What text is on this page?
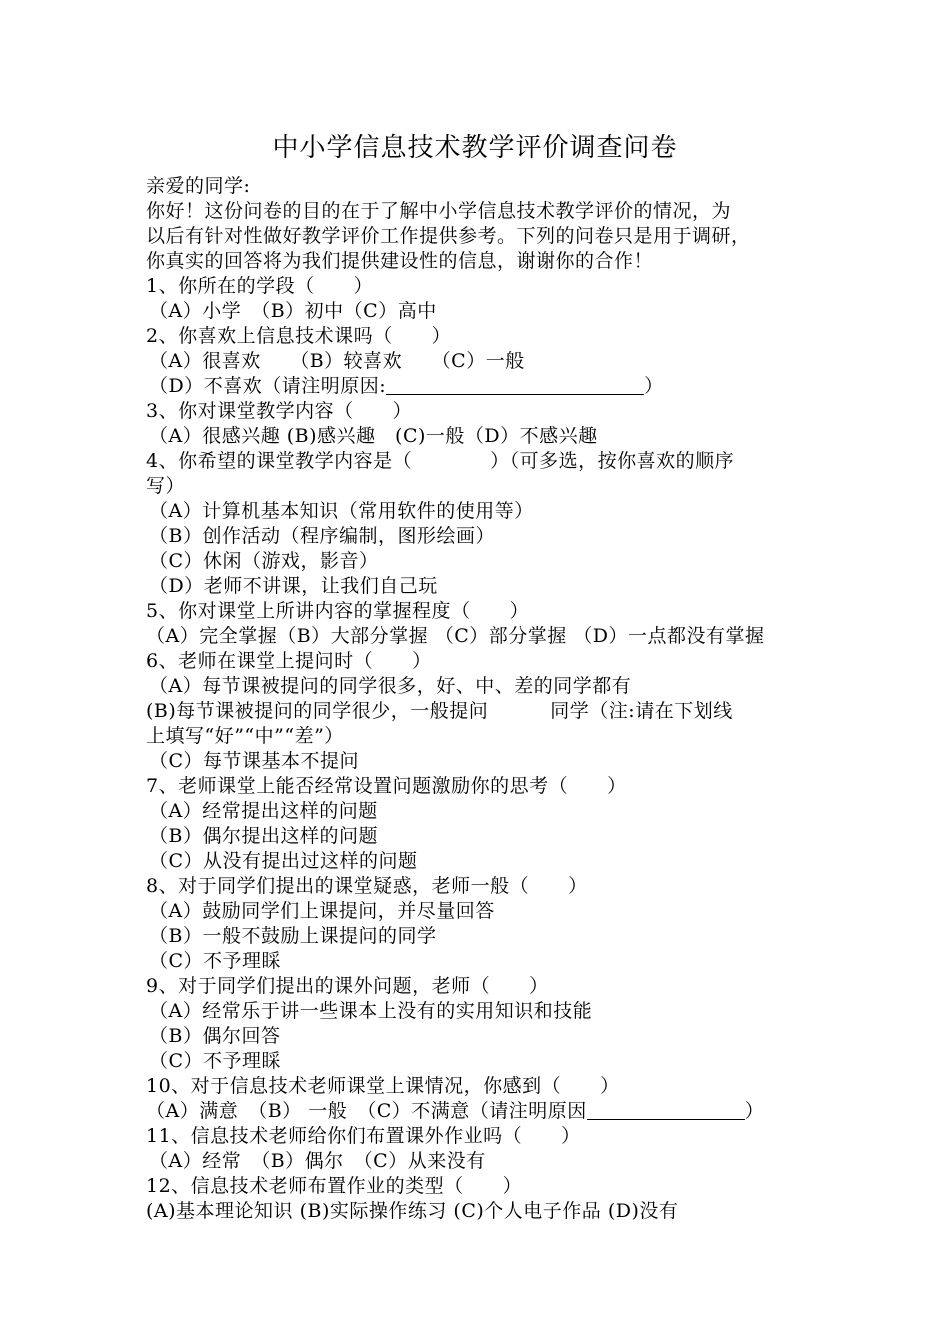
中小学信息技术教学评价调查问卷
亲爱的同学:
你好！这份问卷的目的在于了解中小学信息技术教学评价的情况，为
以后有针对性做好教学评价工作提供参考。下列的问卷只是用于调研，
你真实的回答将为我们提供建设性的信息，谢谢你的合作！
1、你所在的学段（　　）
（A）小学　（B）初中（C）高中
2、你喜欢上信息技术课吗（　　）
（A）很喜欢　　（B）较喜欢　　（C）一般
（D）不喜欢（请注明原因:	）
3、你对课堂教学内容（　　）
（A）很感兴趣 (B)感兴趣　(C)一般（D）不感兴趣
4、你希望的课堂教学内容是（　　　　）（可多选，按你喜欢的顺序
写）
（A）计算机基本知识（常用软件的使用等）
（B）创作活动（程序编制，图形绘画）
（C）休闲（游戏，影音）
（D）老师不讲课，让我们自己玩
5、你对课堂上所讲内容的掌握程度（　　）
（A）完全掌握（B）大部分掌握 （C）部分掌握 （D）一点都没有掌握
6、老师在课堂上提问时（　　）
（A）每节课被提问的同学很多，好、中、差的同学都有
(B)每节课被提问的同学很少，一般提问	同学（注:请在下划线
上填写“好”“中”“差”）
（C）每节课基本不提问
7、老师课堂上能否经常设置问题激励你的思考（　　）
（A）经常提出这样的问题
（B）偶尔提出这样的问题
（C）从没有提出过这样的问题
8、对于同学们提出的课堂疑惑，老师一般（　　）
（A）鼓励同学们上课提问，并尽量回答
（B）一般不鼓励上课提问的同学
（C）不予理睬
9、对于同学们提出的课外问题，老师（　　）
（A）经常乐于讲一些课本上没有的实用知识和技能
（B）偶尔回答
（C）不予理睬
10、对于信息技术老师课堂上课情况，你感到（　　）
（A）满意　（B） 一般　（C）不满意（请注明原因	）
11、信息技术老师给你们布置课外作业吗（　　）
（A）经常　（B）偶尔　（C）从来没有
12、信息技术老师布置作业的类型（　　）
(A)基本理论知识 (B)实际操作练习 (C)个人电子作品 (D)没有
